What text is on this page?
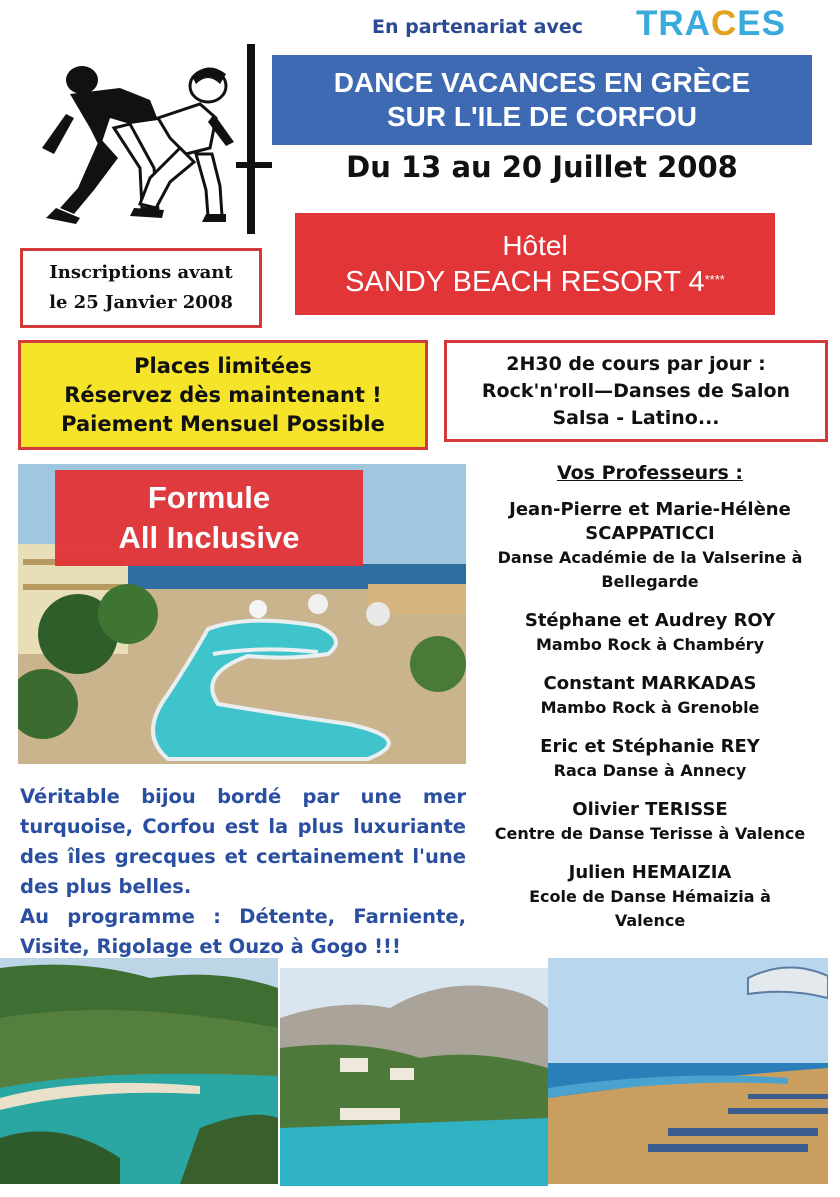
En partenariat avec TRACES
DANCE VACANCES EN GRÈCE
SUR L'ILE DE CORFOU
Du 13 au 20 Juillet 2008
Inscriptions avant
le 25 Janvier 2008
Hôtel
SANDY BEACH RESORT 4****
Places limitées
Réservez dès maintenant !
Paiement Mensuel Possible
2H30 de cours par jour :
Rock'n'roll—Danses de Salon
Salsa - Latino...
Formule
All Inclusive
Vos Professeurs :
Jean-Pierre et Marie-Hélène
SCAPPATICCI
Danse Académie de la Valserine à
Bellegarde
Stéphane et Audrey ROY
Mambo Rock à Chambéry
Constant MARKADAS
Mambo Rock à Grenoble
Eric et Stéphanie REY
Raca Danse à Annecy
Olivier TERISSE
Centre de Danse Terisse à Valence
Julien HEMAIZIA
Ecole de Danse Hémaizia à
Valence

Véritable bijou bordé par une mer turquoise, Corfou est la plus luxuriante des îles grecques et certainement l'une des plus belles.

Au programme : Détente, Farniente, Visite, Rigolage et Ouzo à Gogo !!!
